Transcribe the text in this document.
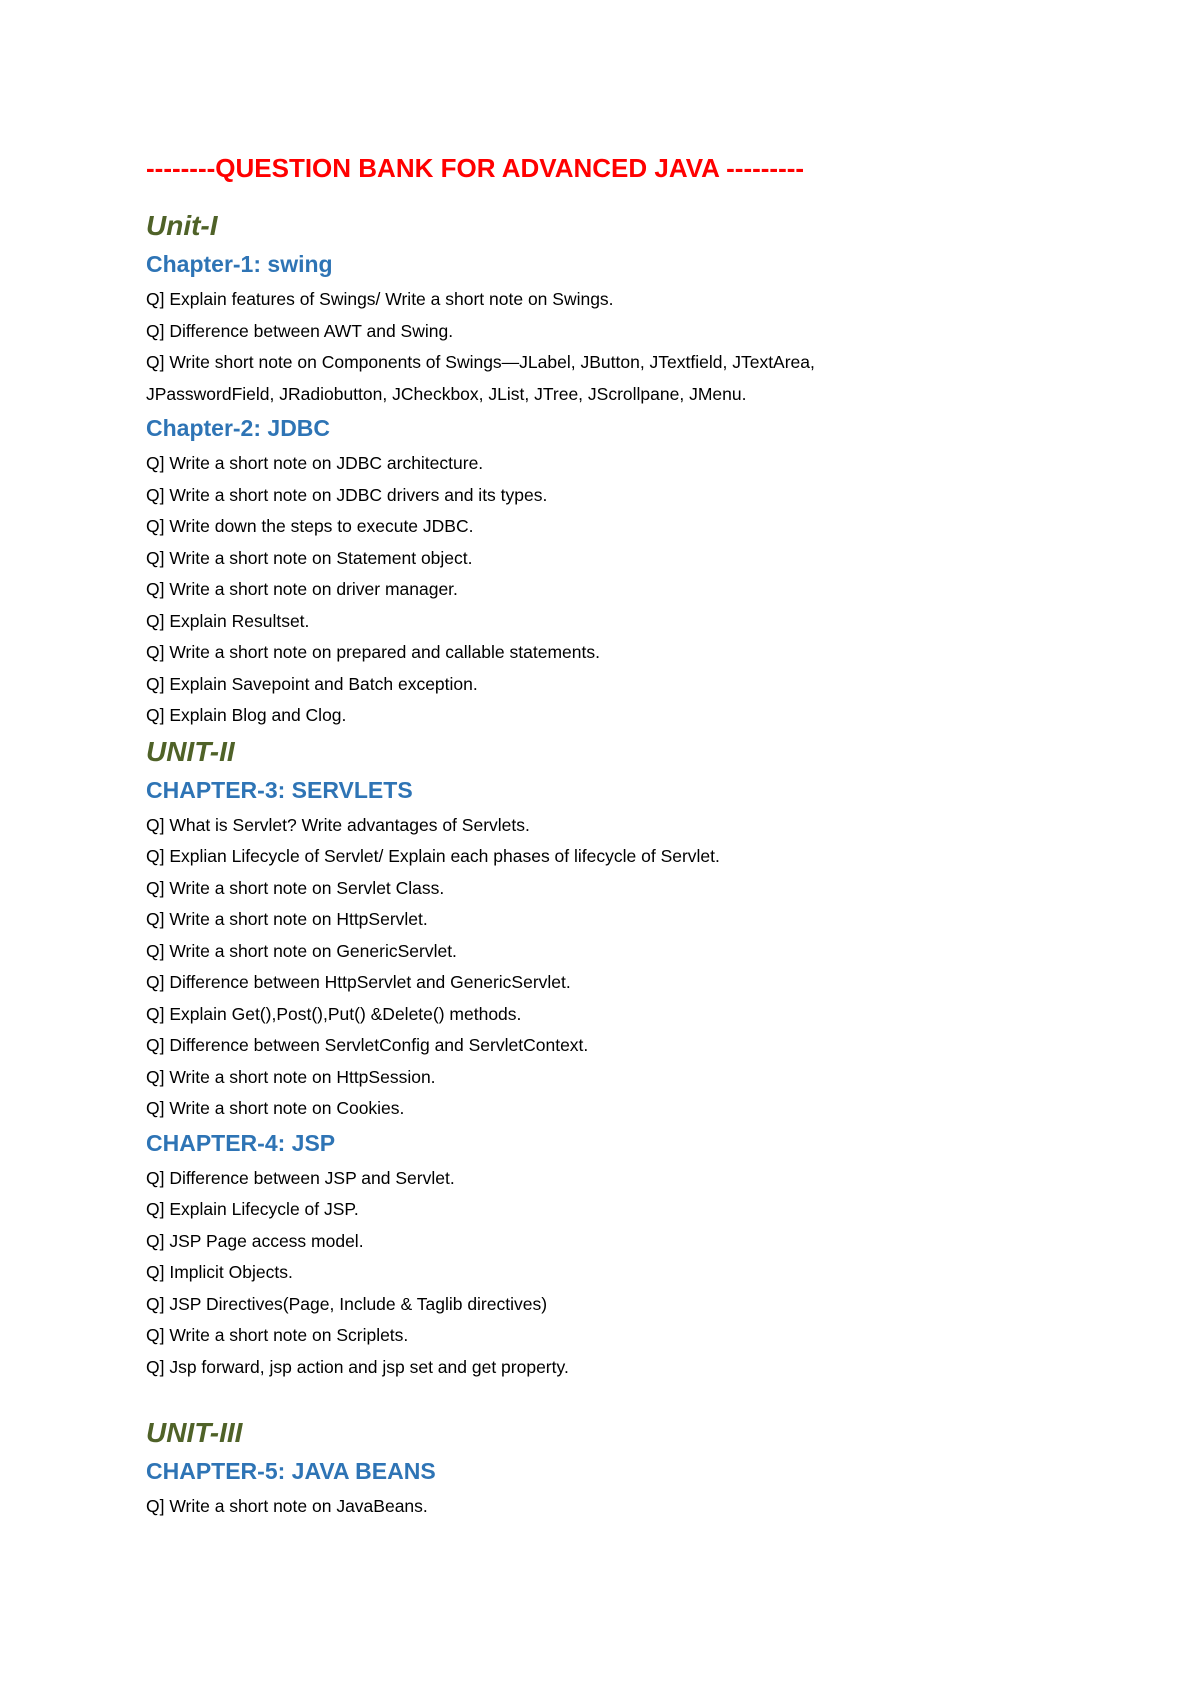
--------QUESTION BANK FOR ADVANCED JAVA ---------
Unit-I
Chapter-1: swing
Q] Explain features of Swings/ Write a short note on Swings.
Q] Difference between AWT and Swing.
Q] Write short note on Components of Swings—JLabel, JButton, JTextfield, JTextArea,
JPasswordField, JRadiobutton, JCheckbox, JList, JTree, JScrollpane, JMenu.
Chapter-2: JDBC
Q] Write a short note on JDBC architecture.
Q] Write a short note on JDBC drivers and its types.
Q] Write down the steps to execute JDBC.
Q] Write a short note on Statement object.
Q] Write a short note on driver manager.
Q] Explain Resultset.
Q] Write a short note on prepared and callable statements.
Q] Explain Savepoint and Batch exception.
Q] Explain Blog and Clog.
UNIT-II
CHAPTER-3: SERVLETS
Q] What is Servlet? Write advantages of Servlets.
Q] Explian Lifecycle of Servlet/ Explain each phases of lifecycle of Servlet.
Q] Write a short note on Servlet Class.
Q] Write a short note on HttpServlet.
Q] Write a short note on GenericServlet.
Q] Difference between HttpServlet and GenericServlet.
Q] Explain Get(),Post(),Put() &Delete() methods.
Q] Difference between ServletConfig and ServletContext.
Q] Write a short note on HttpSession.
Q] Write a short note on Cookies.
CHAPTER-4: JSP
Q] Difference between JSP and Servlet.
Q] Explain Lifecycle of JSP.
Q] JSP Page access model.
Q] Implicit Objects.
Q] JSP Directives(Page, Include & Taglib directives)
Q] Write a short note on Scriplets.
Q] Jsp forward, jsp action and jsp set and get property.
UNIT-III
CHAPTER-5: JAVA BEANS
Q] Write a short note on JavaBeans.
